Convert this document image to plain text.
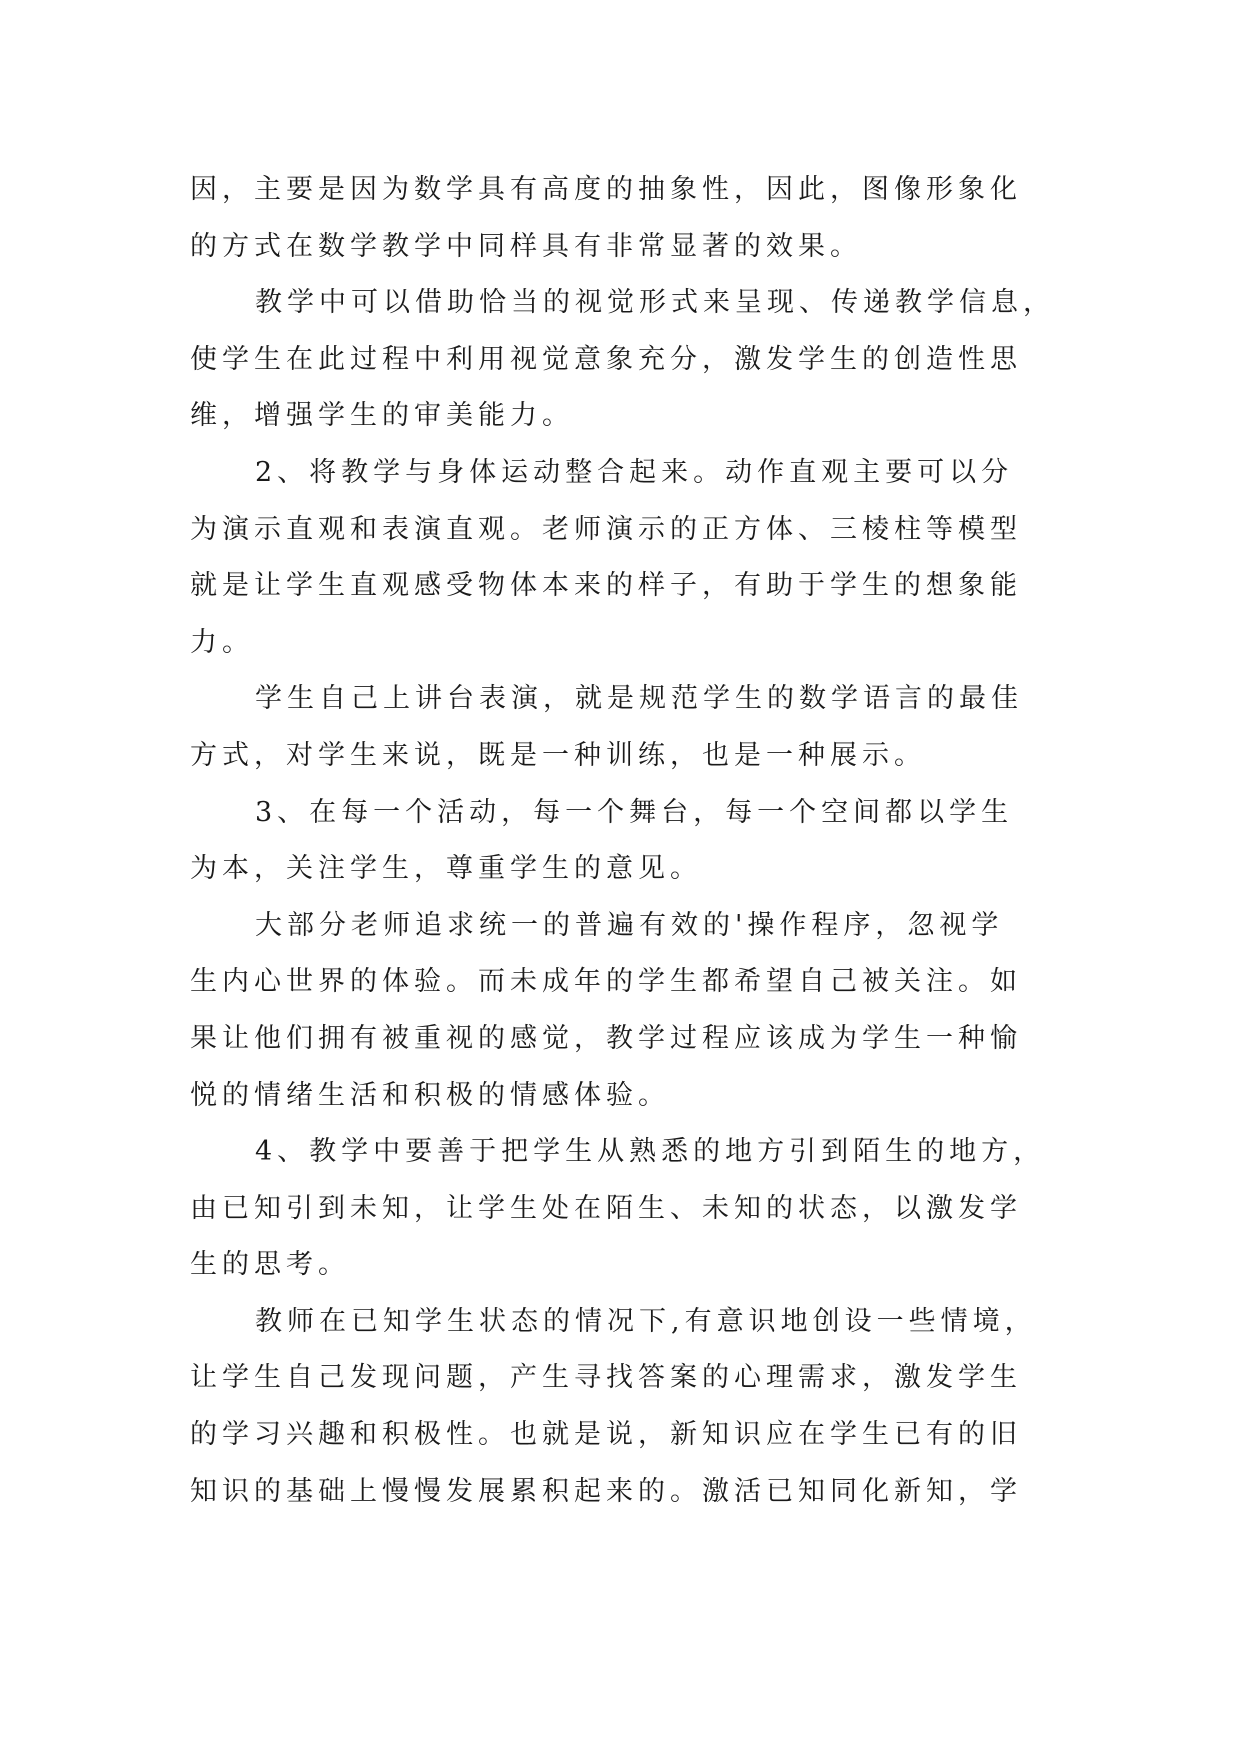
因，主要是因为数学具有高度的抽象性，因此，图像形象化
的方式在数学教学中同样具有非常显著的效果。
教学中可以借助恰当的视觉形式来呈现、传递教学信息，
使学生在此过程中利用视觉意象充分，激发学生的创造性思
维，增强学生的审美能力。
2、将教学与身体运动整合起来。动作直观主要可以分
为演示直观和表演直观。老师演示的正方体、三棱柱等模型
就是让学生直观感受物体本来的样子，有助于学生的想象能
力。
学生自己上讲台表演，就是规范学生的数学语言的最佳
方式，对学生来说，既是一种训练，也是一种展示。
3、在每一个活动，每一个舞台，每一个空间都以学生
为本，关注学生，尊重学生的意见。
大部分老师追求统一的普遍有效的'操作程序，忽视学
生内心世界的体验。而未成年的学生都希望自己被关注。如
果让他们拥有被重视的感觉，教学过程应该成为学生一种愉
悦的情绪生活和积极的情感体验。
4、教学中要善于把学生从熟悉的地方引到陌生的地方，
由已知引到未知，让学生处在陌生、未知的状态，以激发学
生的思考。
教师在已知学生状态的情况下,有意识地创设一些情境，
让学生自己发现问题，产生寻找答案的心理需求，激发学生
的学习兴趣和积极性。也就是说，新知识应在学生已有的旧
知识的基础上慢慢发展累积起来的。激活已知同化新知，学
